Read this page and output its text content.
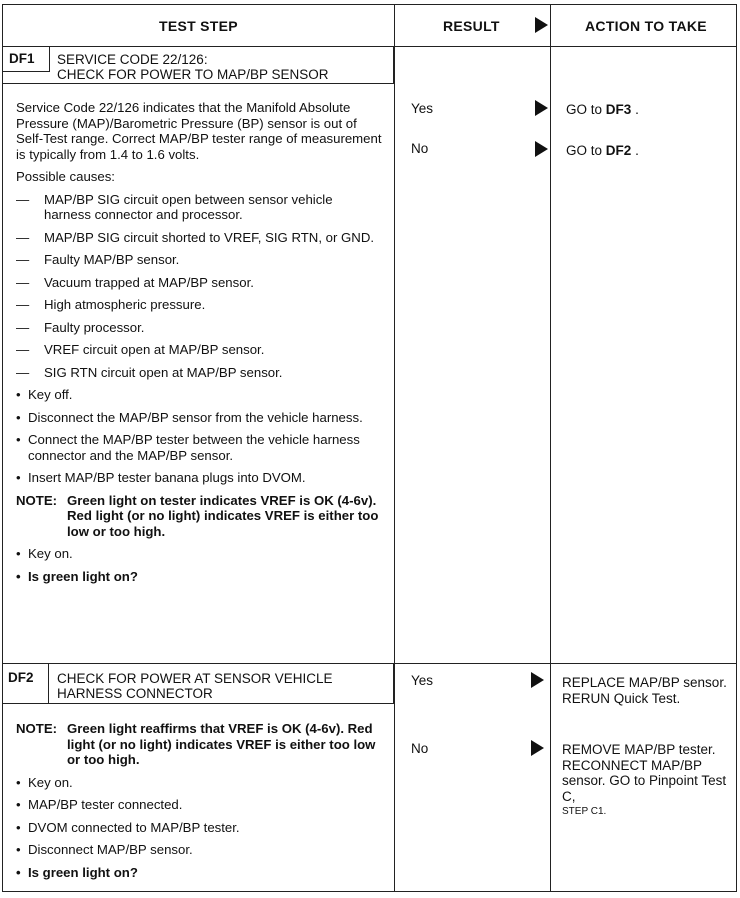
TEST STEP	RESULT	ACTION TO TAKE
DF1 SERVICE CODE 22/126:
CHECK FOR POWER TO MAP/BP SENSOR
Service Code 22/126 indicates that the Manifold Absolute Pressure (MAP)/Barometric Pressure (BP) sensor is out of Self-Test range. Correct MAP/BP tester range of measurement is typically from 1.4 to 1.6 volts.
Possible causes:
— MAP/BP SIG circuit open between sensor vehicle harness connector and processor.
— MAP/BP SIG circuit shorted to VREF, SIG RTN, or GND.
— Faulty MAP/BP sensor.
— Vacuum trapped at MAP/BP sensor.
— High atmospheric pressure.
— Faulty processor.
— VREF circuit open at MAP/BP sensor.
— SIG RTN circuit open at MAP/BP sensor.
• Key off.
• Disconnect the MAP/BP sensor from the vehicle harness.
• Connect the MAP/BP tester between the vehicle harness connector and the MAP/BP sensor.
• Insert MAP/BP tester banana plugs into DVOM.
NOTE: Green light on tester indicates VREF is OK (4-6v). Red light (or no light) indicates VREF is either too low or too high.
• Key on.
• Is green light on?
Yes	GO to DF3 .
No	GO to DF2 .
DF2 CHECK FOR POWER AT SENSOR VEHICLE
HARNESS CONNECTOR
NOTE: Green light reaffirms that VREF is OK (4-6v). Red light (or no light) indicates VREF is either too low or too high.
• Key on.
• MAP/BP tester connected.
• DVOM connected to MAP/BP tester.
• Disconnect MAP/BP sensor.
• Is green light on?
Yes	REPLACE MAP/BP sensor. RERUN Quick Test.
No	REMOVE MAP/BP tester. RECONNECT MAP/BP sensor. GO to Pinpoint Test C,
STEP C1.
